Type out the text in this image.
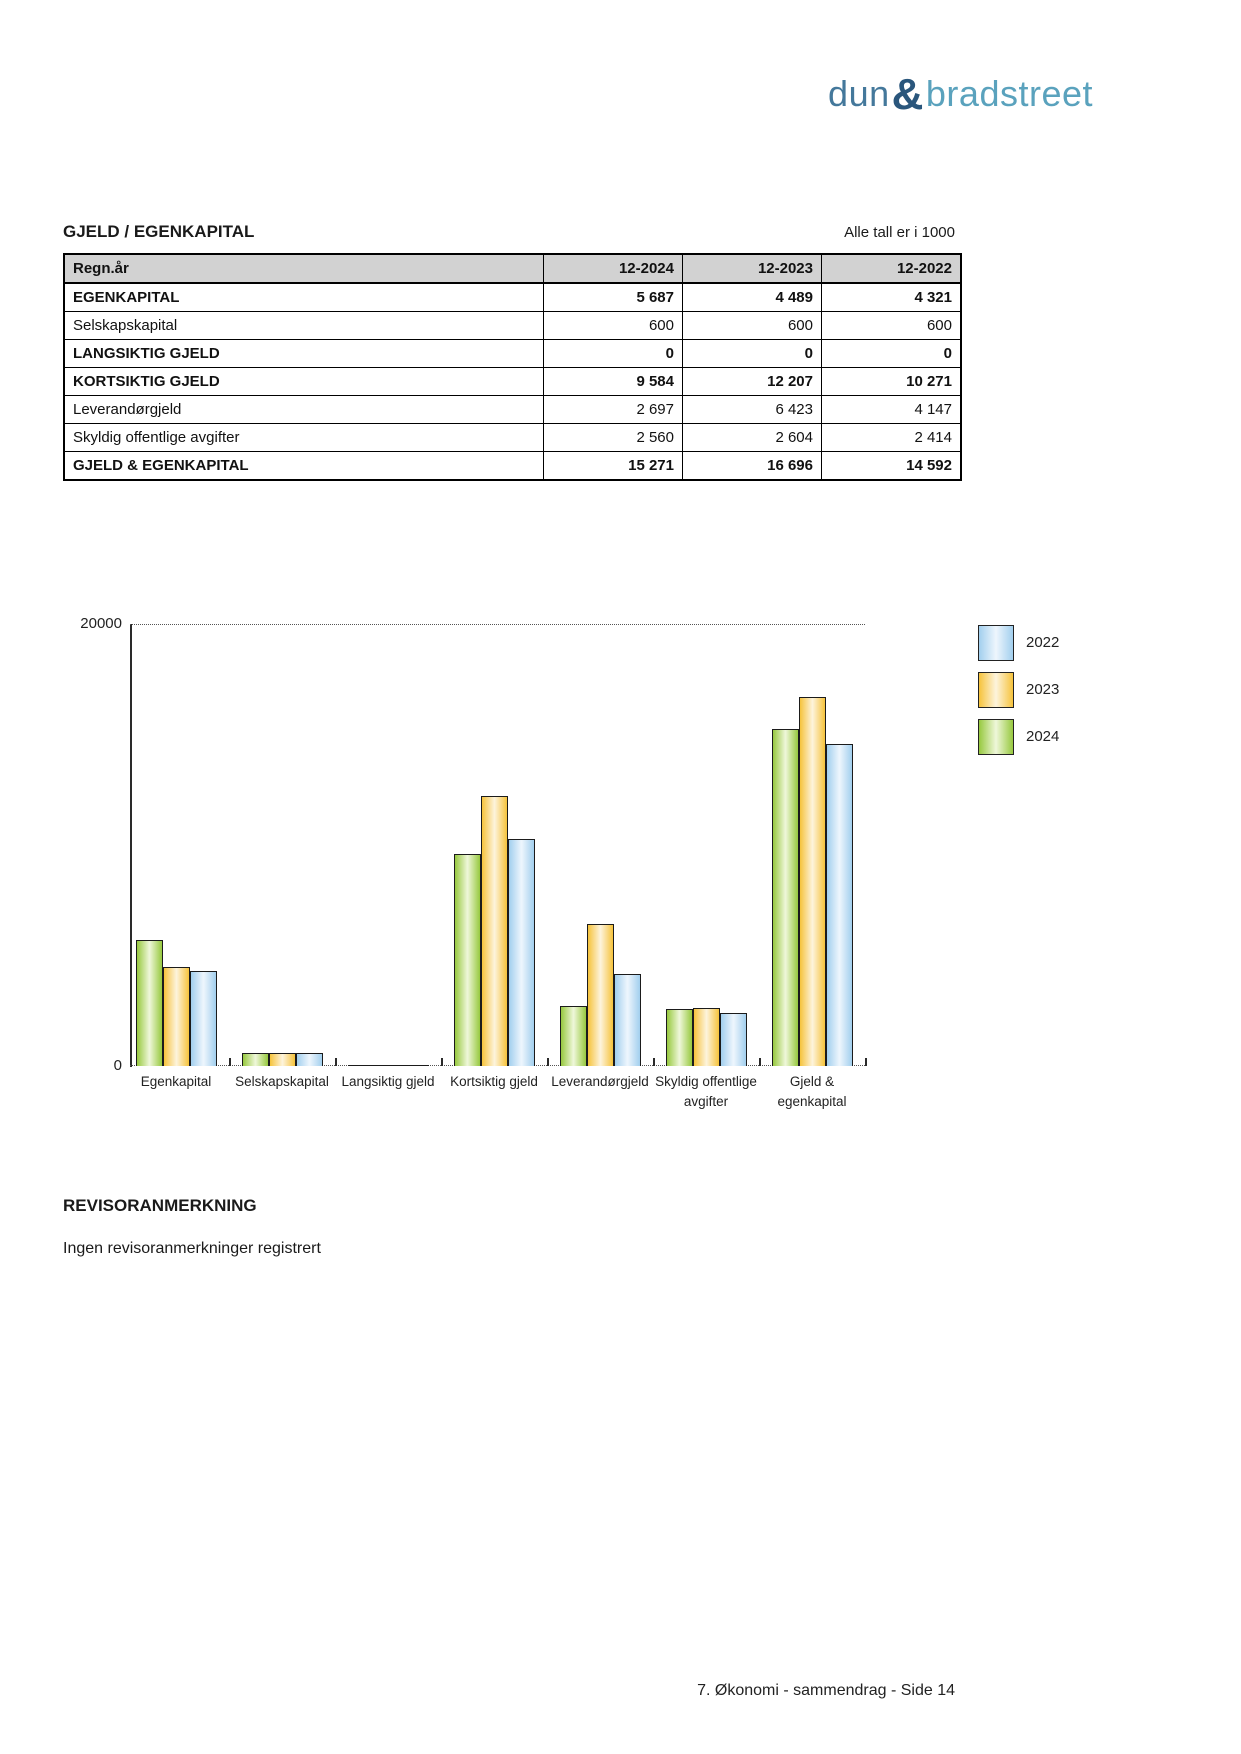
dun&bradstreet
GJELD / EGENKAPITAL	Alle tall er i 1000
Regn.år	12-2024	12-2023	12-2022
EGENKAPITAL	5 687	4 489	4 321
Selskapskapital	600	600	600
LANGSIKTIG GJELD	0	0	0
KORTSIKTIG GJELD	9 584	12 207	10 271
Leverandørgjeld	2 697	6 423	4 147
Skyldig offentlige avgifter	2 560	2 604	2 414
GJELD & EGENKAPITAL	15 271	16 696	14 592
20000
0
Egenkapital	Selskapskapital Langsiktig gjeld	Kortsiktig gjeld Leverandørgjeld Skyldig offentlige
avgifter
Gjeld &
egenkapital
2022
2023
2024
REVISORANMERKNING
Ingen revisoranmerkninger registrert
7. Økonomi - sammendrag - Side 14
